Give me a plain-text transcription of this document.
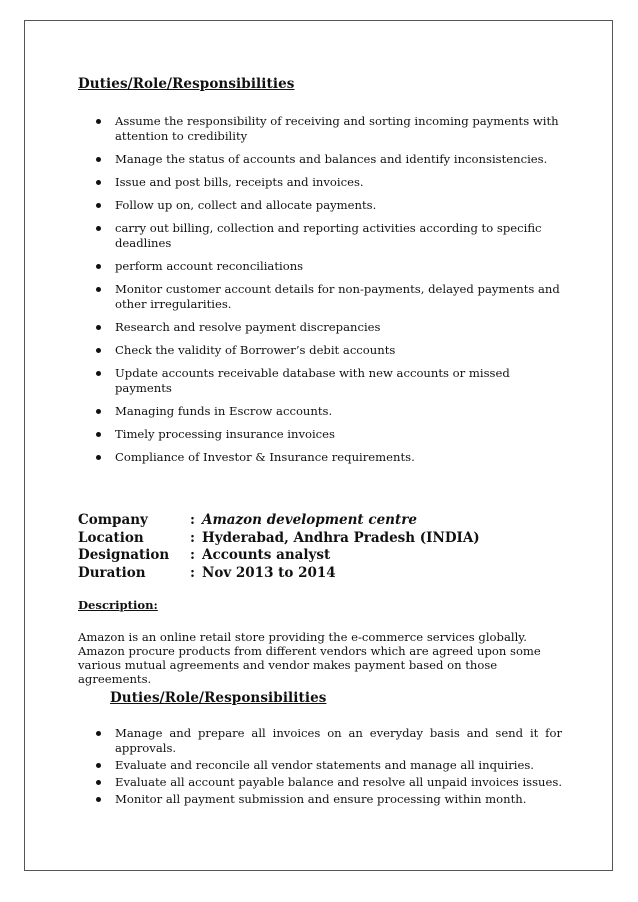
Duties/Role/Responsibilities
Assume the responsibility of receiving and sorting incoming payments with attention to credibility
Manage the status of accounts and balances and identify inconsistencies.
Issue and post bills, receipts and invoices.
Follow up on, collect and allocate payments.
carry out billing, collection and reporting activities according to specific deadlines
perform account reconciliations
Monitor customer account details for non-payments, delayed payments and other irregularities.
Research and resolve payment discrepancies
Check the validity of Borrower’s debit accounts
Update accounts receivable database with new accounts or missed payments
Managing funds in Escrow accounts.
Timely processing insurance invoices
Compliance of Investor & Insurance requirements.
Company	: Amazon development centre
Location	: Hyderabad, Andhra Pradesh (INDIA)
Designation : Accounts analyst
Duration	: Nov 2013 to 2014
Description:
Amazon is an online retail store providing the e-commerce services globally. Amazon procure products from different vendors which are agreed upon some various mutual agreements and vendor makes payment based on those agreements.
Duties/Role/Responsibilities
Manage and prepare all invoices on an everyday basis and send it for approvals.
Evaluate and reconcile all vendor statements and manage all inquiries.
Evaluate all account payable balance and resolve all unpaid invoices issues.
Monitor all payment submission and ensure processing within month.
